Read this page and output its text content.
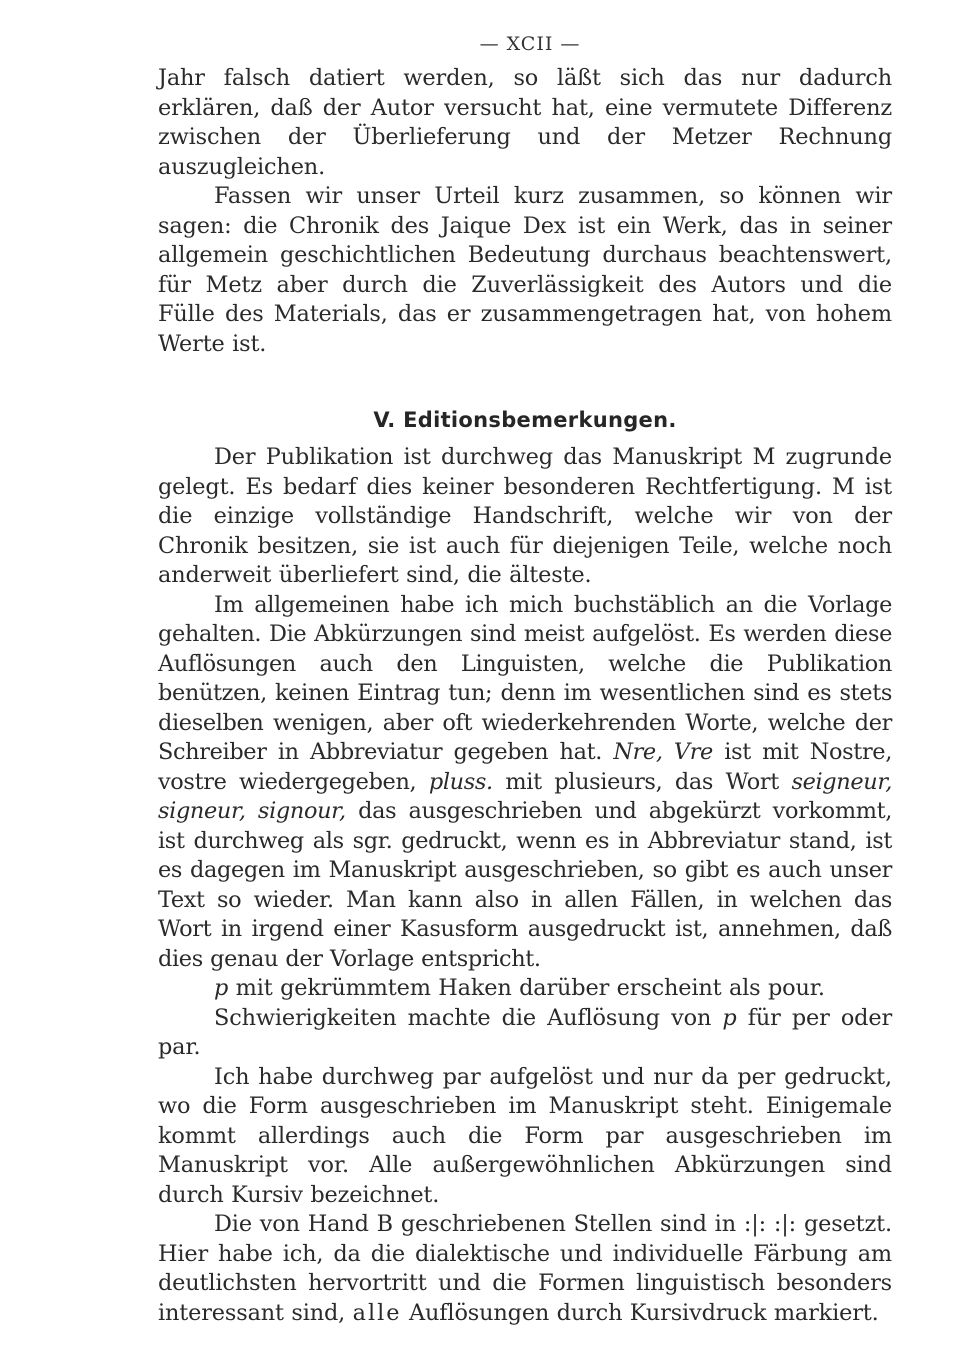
— XCII —

Jahr falsch datiert werden, so läßt sich das nur dadurch erklären, daß der Autor versucht hat, eine vermutete Differenz zwischen der Überlieferung und der Metzer Rechnung auszugleichen.

Fassen wir unser Urteil kurz zusammen, so können wir sagen: die Chronik des Jaique Dex ist ein Werk, das in seiner allgemein geschichtlichen Bedeutung durchaus beachtenswert, für Metz aber durch die Zuverlässigkeit des Autors und die Fülle des Materials, das er zusammengetragen hat, von hohem Werte ist.

V. Editionsbemerkungen.

Der Publikation ist durchweg das Manuskript M zugrunde gelegt. Es bedarf dies keiner besonderen Rechtfertigung. M ist die einzige vollständige Handschrift, welche wir von der Chronik besitzen, sie ist auch für diejenigen Teile, welche noch anderweit überliefert sind, die älteste.

Im allgemeinen habe ich mich buchstäblich an die Vorlage gehalten. Die Abkürzungen sind meist aufgelöst. Es werden diese Auflösungen auch den Linguisten, welche die Publikation benützen, keinen Eintrag tun; denn im wesentlichen sind es stets dieselben wenigen, aber oft wiederkehrenden Worte, welche der Schreiber in Abbreviatur gegeben hat. Nre, Vre ist mit Nostre, vostre wiedergegeben, pluss. mit plusieurs, das Wort seigneur, signeur, signour, das ausgeschrieben und abgekürzt vorkommt, ist durchweg als sgr. gedruckt, wenn es in Abbreviatur stand, ist es dagegen im Manuskript ausgeschrieben, so gibt es auch unser Text so wieder. Man kann also in allen Fällen, in welchen das Wort in irgend einer Kasusform ausgedruckt ist, annehmen, daß dies genau der Vorlage entspricht.

p mit gekrümmtem Haken darüber erscheint als pour.

Schwierigkeiten machte die Auflösung von p für per oder par.

Ich habe durchweg par aufgelöst und nur da per gedruckt, wo die Form ausgeschrieben im Manuskript steht. Einigemale kommt allerdings auch die Form par ausgeschrieben im Manuskript vor. Alle außergewöhnlichen Abkürzungen sind durch Kursiv bezeichnet.

Die von Hand B geschriebenen Stellen sind in :|: :|: gesetzt. Hier habe ich, da die dialektische und individuelle Färbung am deutlichsten hervortritt und die Formen linguistisch besonders interessant sind, alle Auflösungen durch Kursivdruck markiert.
